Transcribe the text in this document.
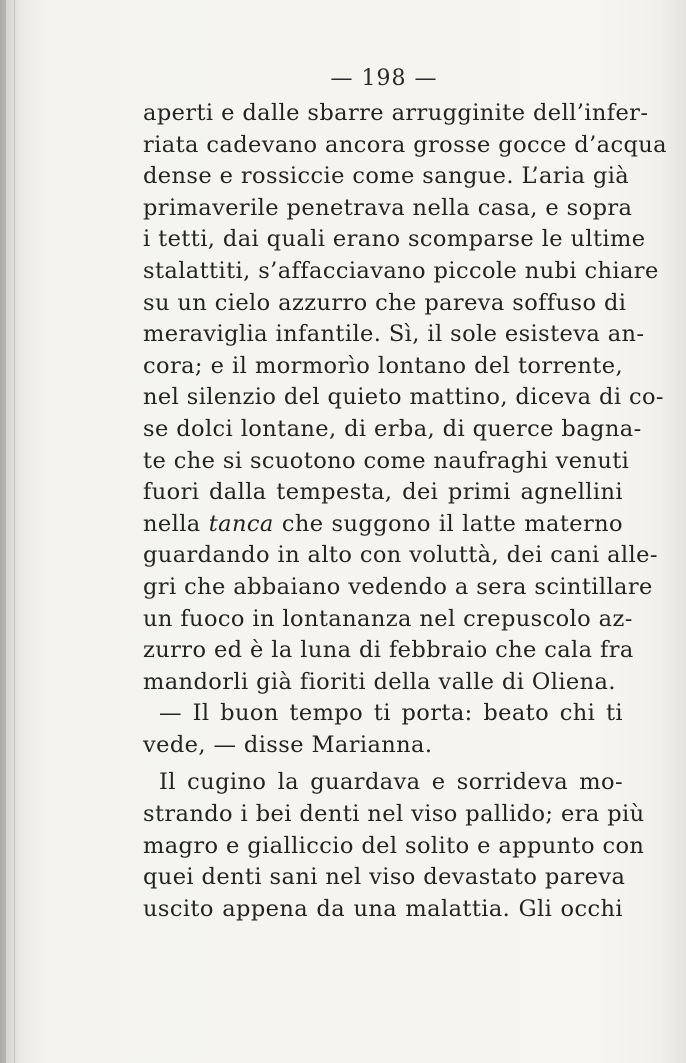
— 198 —
aperti e dalle sbarre arrugginite dell’infer-
riata cadevano ancora grosse gocce d’acqua
dense e rossiccie come sangue. L’aria già
primaverile penetrava nella casa, e sopra
i tetti, dai quali erano scomparse le ultime
stalattiti, s’affacciavano piccole nubi chiare
su un cielo azzurro che pareva soffuso di
meraviglia infantile. Sì, il sole esisteva an-
cora; e il mormorìo lontano del torrente,
nel silenzio del quieto mattino, diceva di co-
se dolci lontane, di erba, di querce bagna-
te che si scuotono come naufraghi venuti
fuori dalla tempesta, dei primi agnellini
nella tanca che suggono il latte materno
guardando in alto con voluttà, dei cani alle-
gri che abbaiano vedendo a sera scintillare
un fuoco in lontananza nel crepuscolo az-
zurro ed è la luna di febbraio che cala fra
mandorli già fioriti della valle di Oliena.
— Il buon tempo ti porta: beato chi ti
vede, — disse Marianna.
Il cugino la guardava e sorrideva mo-
strando i bei denti nel viso pallido; era più
magro e gialliccio del solito e appunto con
quei denti sani nel viso devastato pareva
uscito appena da una malattia. Gli occhi
